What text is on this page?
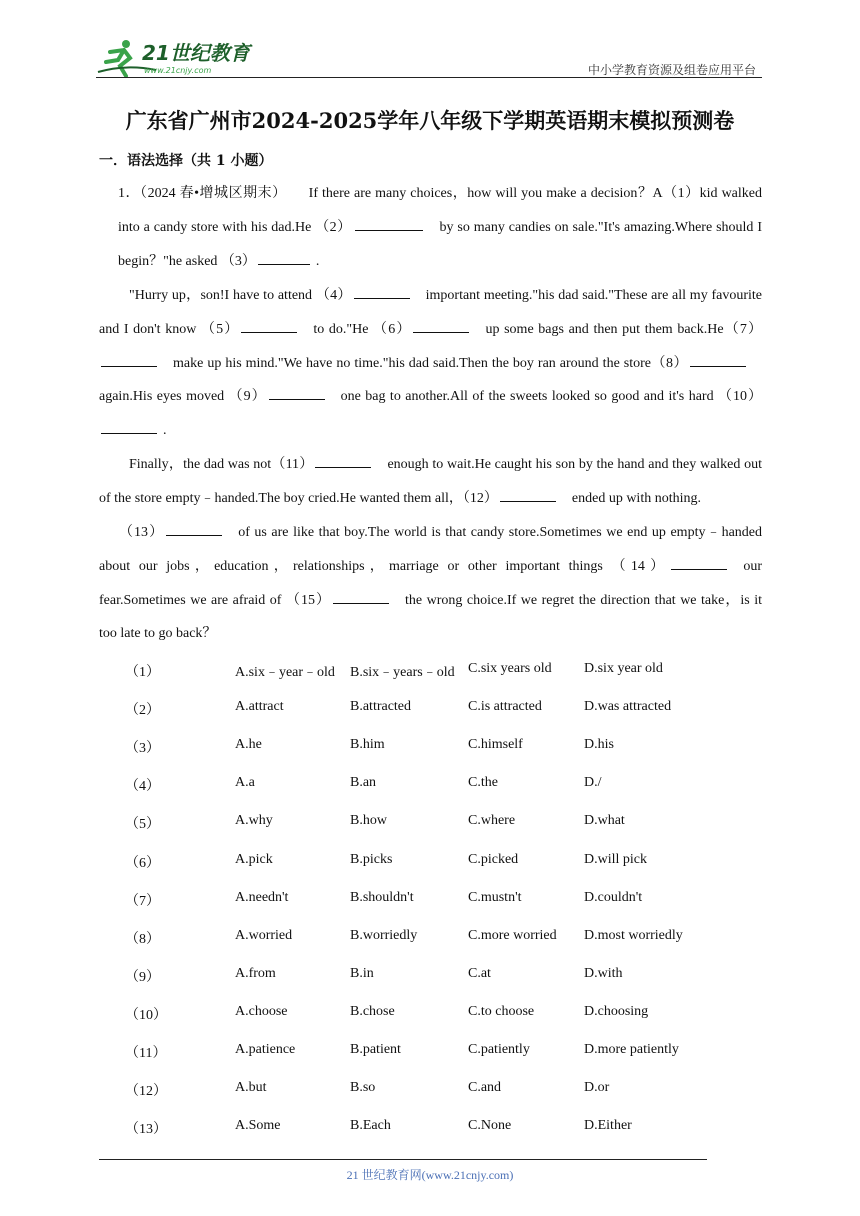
21世纪教育
www.21cnjy.com	中小学教育资源及组卷应用平台
广东省广州市2024-2025学年八年级下学期英语期末模拟预测卷
一．语法选择（共 1 小题）
1．（2024 春•增城区期末） If there are many choices，how will you make a decision？A（1）kid walked into a candy store with his dad.He （2）	by so many candies on sale."It's amazing.Where should I begin？"he asked （3）	.
"Hurry up，son!I have to attend （4）	important meeting."his dad said."These are all my favourite and I don't know （5）	to do."He （6）	up some bags and then put them back.He（7）make up his mind."We have no time."his dad said.Then the boy ran around the store（8）again.His eyes moved （9）	one bag to another.All of the sweets looked so good and it's hard （10）.
Finally，the dad was not（11）	enough to wait.He caught his son by the hand and they walked out of the store empty﹣handed.The boy cried.He wanted them all，（12）	ended up with nothing.
（13）	of us are like that boy.The world is that candy store.Sometimes we end up empty﹣handed about our jobs，education，relationships，marriage or other important things （14）	our fear.Sometimes we are afraid of （15）	the wrong choice.If we regret the direction that we take，is it too late to go back？
（1）	A.six﹣year﹣old B.six﹣years﹣old C.six years old D.six year old
（2）	A.attract	B.attracted	C.is attracted	D.was attracted
（3）	A.he	B.him	C.himself	D.his
（4）	A.a	B.an	C.the	D./
（5）	A.why	B.how	C.where	D.what
（6）	A.pick	B.picks	C.picked	D.will pick
（7）	A.needn't	B.shouldn't	C.mustn't	D.couldn't
（8）	A.worried	B.worriedly	C.more worried D.most worriedly
（9）	A.from	B.in	C.at	D.with
（10）	A.choose	B.chose	C.to choose	D.choosing
（11）	A.patience	B.patient	C.patiently	D.more patiently
（12）	A.but	B.so	C.and	D.or
（13）	A.Some	B.Each	C.None	D.Either
21 世纪教育网(www.21cnjy.com)
